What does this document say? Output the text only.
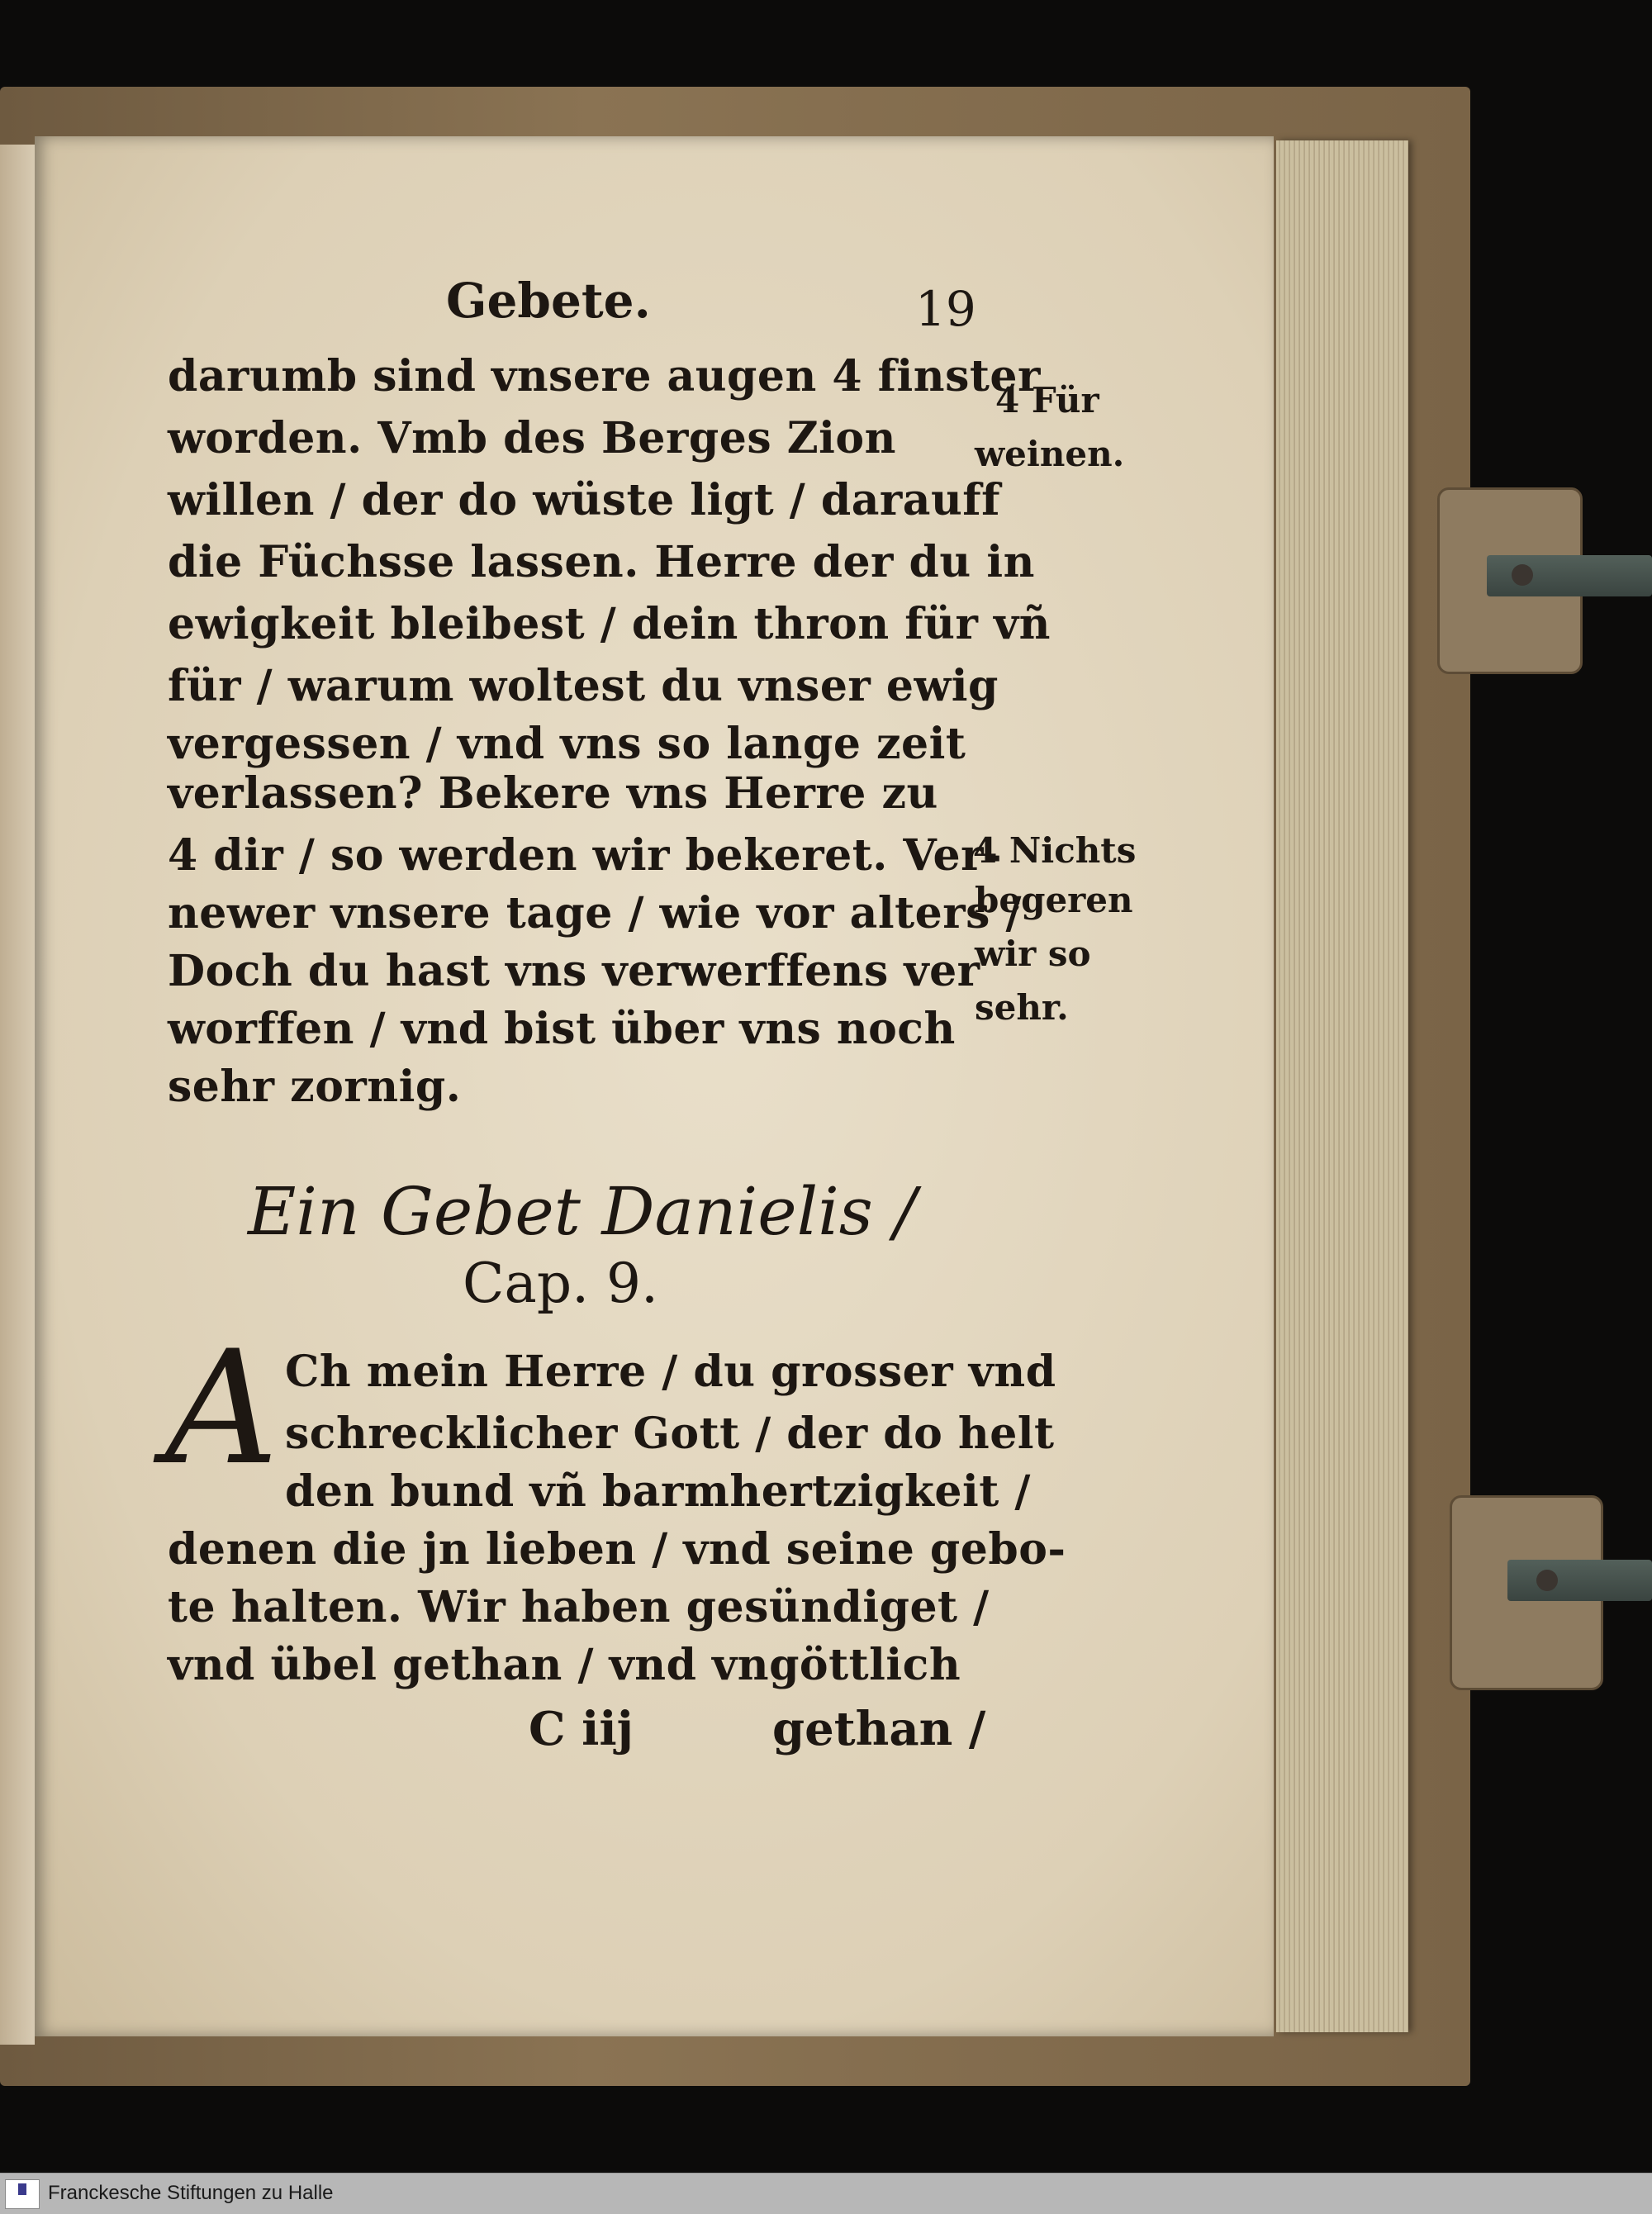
Gebete.	19
darumb sind vnsere augen 4 finster
worden. Vmb des Berges Zion
willen / der do wüste ligt / darauff
die Füchsse lassen. Herre der du in
ewigkeit bleibest / dein thron für vñ
für / warum woltest du vnser ewig
vergessen / vnd vns so lange zeit
verlassen? Bekere vns Herre zu
4 dir / so werden wir bekeret. Ver-
newer vnsere tage / wie vor alters /
Doch du hast vns verwerffens ver
worffen / vnd bist über vns noch
sehr zornig.
4 Für
weinen.
4 Nichts
begeren
wir so
sehr.
Ein Gebet Danielis /
Cap. 9.
A Ch mein Herre / du grosser vnd
schrecklicher Gott / der do helt
den bund vñ barmhertzigkeit /
denen die jn lieben / vnd seine gebo-
te halten. Wir haben gesündiget /
vnd übel gethan / vnd vngöttlich
C iij	gethan /
Franckesche Stiftungen zu Halle
